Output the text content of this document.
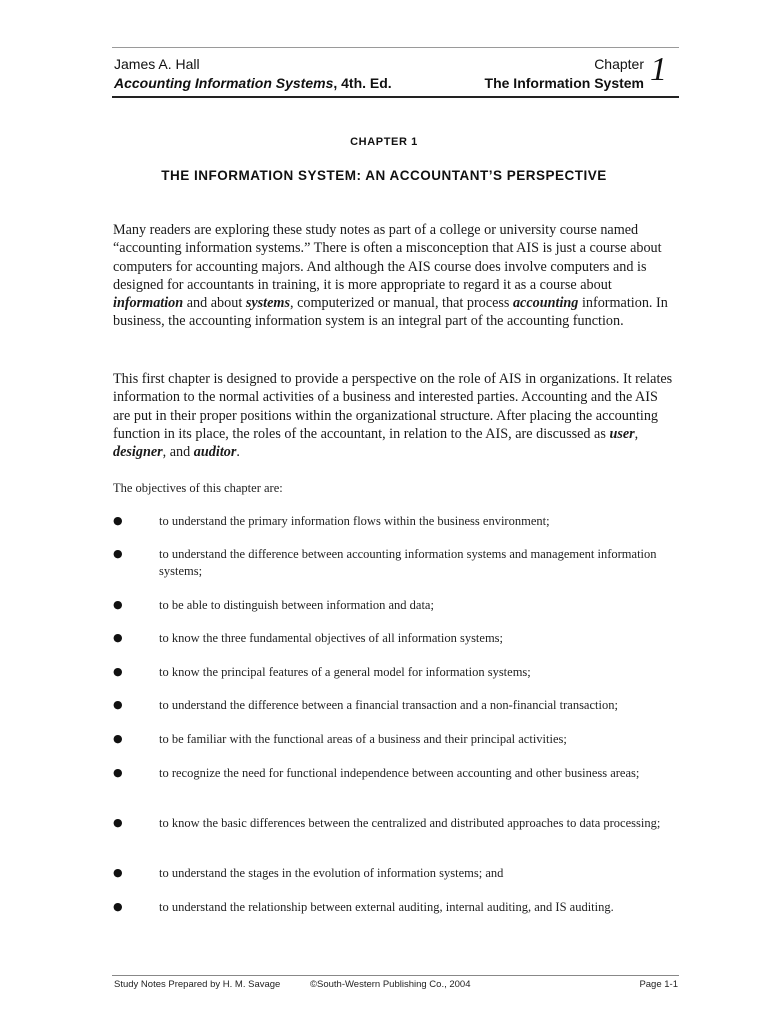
James A. Hall
Accounting Information Systems, 4th. Ed.
Chapter
The Information System 1
CHAPTER 1
THE INFORMATION SYSTEM: AN ACCOUNTANT’S PERSPECTIVE
Many readers are exploring these study notes as part of a college or university course named “accounting information systems.” There is often a misconception that AIS is just a course about computers for accounting majors. And although the AIS course does involve computers and is designed for accountants in training, it is more appropriate to regard it as a course about information and about systems, computerized or manual, that process accounting information. In business, the accounting information system is an integral part of the accounting function.
This first chapter is designed to provide a perspective on the role of AIS in organizations. It relates information to the normal activities of a business and interested parties. Accounting and the AIS are put in their proper positions within the organizational structure. After placing the accounting function in its place, the roles of the accountant, in relation to the AIS, are discussed as user, designer, and auditor.
The objectives of this chapter are:
●	to understand the primary information flows within the business environment;
●	to understand the difference between accounting information systems and management information systems;
●	to be able to distinguish between information and data;
●	to know the three fundamental objectives of all information systems;
●	to know the principal features of a general model for information systems;
●	to understand the difference between a financial transaction and a non-financial transaction;
●	to be familiar with the functional areas of a business and their principal activities;
●	to recognize the need for functional independence between accounting and other business areas;
●	to know the basic differences between the centralized and distributed approaches to data processing;
●	to understand the stages in the evolution of information systems; and
●	to understand the relationship between external auditing, internal auditing, and IS auditing.
Study Notes Prepared by H. M. Savage	©South-Western Publishing Co., 2004	Page 1-1
